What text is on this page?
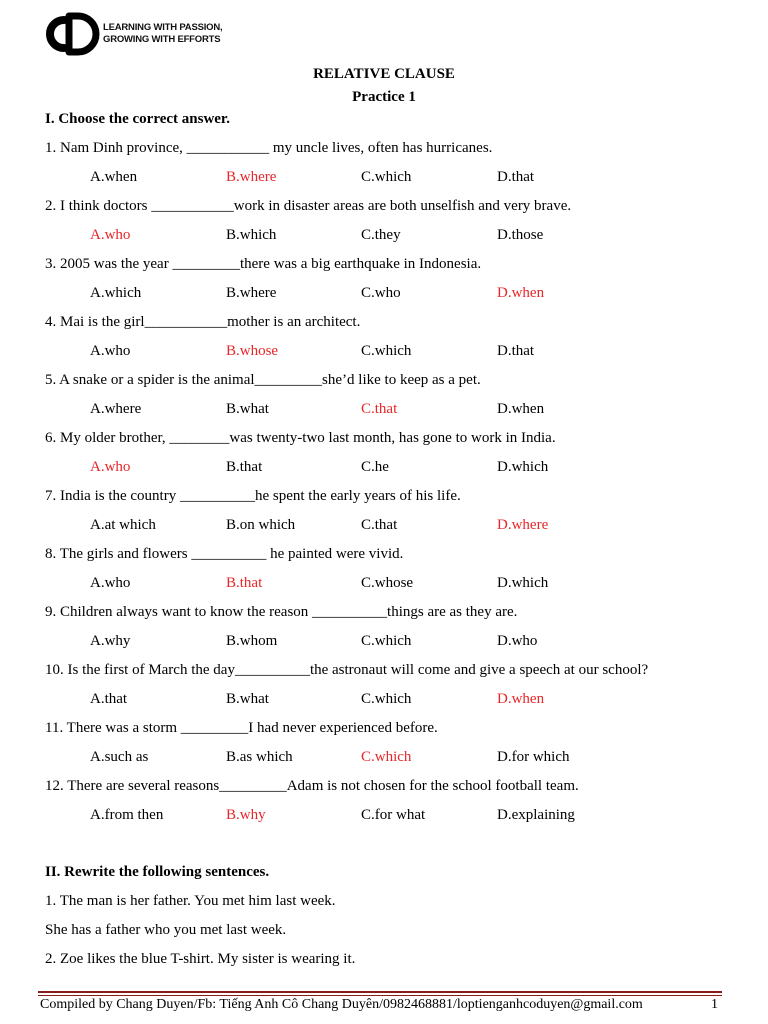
LEARNING WITH PASSION,
GROWING WITH EFFORTS
RELATIVE CLAUSE
Practice 1
I. Choose the correct answer.
1. Nam Dinh province, ___________ my uncle lives, often has hurricanes.
A.when	B.where	C.which	D.that
2. I think doctors ___________work in disaster areas are both unselfish and very brave.
A.who	B.which	C.they	D.those
3. 2005 was the year _________there was a big earthquake in Indonesia.
A.which	B.where	C.who	D.when
4. Mai is the girl___________mother is an architect.
A.who	B.whose	C.which	D.that
5. A snake or a spider is the animal_________she’d like to keep as a pet.
A.where	B.what	C.that	D.when
6. My older brother, ________was twenty-two last month, has gone to work in India.
A.who	B.that	C.he	D.which
7. India is the country __________he spent the early years of his life.
A.at which	B.on which	C.that	D.where
8. The girls and flowers __________ he painted were vivid.
A.who	B.that	C.whose	D.which
9. Children always want to know the reason __________things are as they are.
A.why	B.whom	C.which	D.who
10. Is the first of March the day__________the astronaut will come and give a speech at our school?
A.that	B.what	C.which	D.when
11. There was a storm _________I had never experienced before.
A.such as	B.as which	C.which	D.for which
12. There are several reasons_________Adam is not chosen for the school football team.
A.from then	B.why	C.for what	D.explaining
II. Rewrite the following sentences.
1. The man is her father. You met him last week.
She has a father who you met last week.
2. Zoe likes the blue T-shirt. My sister is wearing it.
Compiled by Chang Duyen/Fb: Tiếng Anh Cô Chang Duyên/0982468881/loptienganhcoduyen@gmail.com	1
